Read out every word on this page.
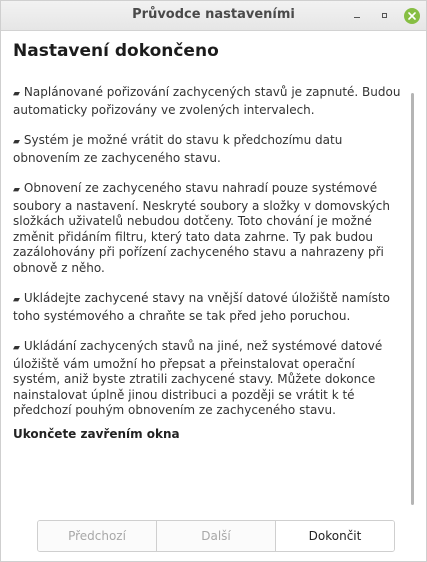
Průvodce nastaveními
Nastavení dokončeno

▰ Naplánované pořizování zachycených stavů je zapnuté. Budou automaticky pořizovány ve zvolených intervalech.

▰ Systém je možné vrátit do stavu k předchozímu datu obnovením ze zachyceného stavu.

▰ Obnovení ze zachyceného stavu nahradí pouze systémové soubory a nastavení. Neskryté soubory a složky v domovských složkách uživatelů nebudou dotčeny. Toto chování je možné změnit přidáním filtru, který tato data zahrne. Ty pak budou zazálohovány při pořízení zachyceného stavu a nahrazeny při obnově z něho.

▰ Ukládejte zachycené stavy na vnější datové úložiště namísto toho systémového a chraňte se tak před jeho poruchou.

▰ Ukládání zachycených stavů na jiné, než systémové datové úložiště vám umožní ho přepsat a přeinstalovat operační systém, aniž byste ztratili zachycené stavy. Můžete dokonce nainstalovat úplně jinou distribuci a později se vrátit k té předchozí pouhým obnovením ze zachyceného stavu.

Ukončete zavřením okna
Předchozí	Další	Dokončit
